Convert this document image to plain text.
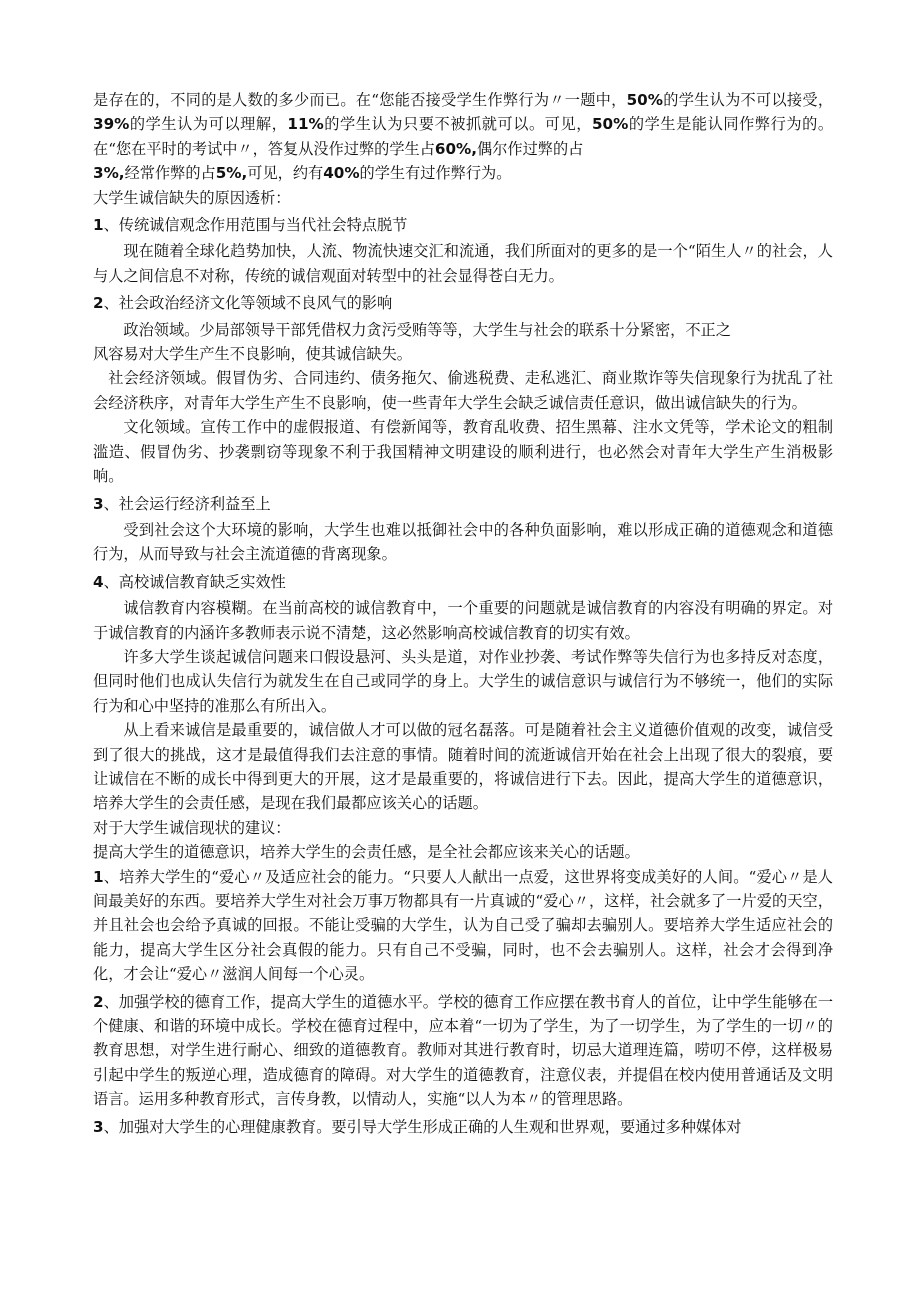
是存在的，不同的是人数的多少而已。在“您能否接受学生作弊行为〃一题中，50%的学生认为不可以接受，39%的学生认为可以理解，11%的学生认为只要不被抓就可以。可见，50%的学生是能认同作弊行为的。在“您在平时的考试中〃，答复从没作过弊的学生占60%,偶尔作过弊的占
3%,经常作弊的占5%,可见，约有40%的学生有过作弊行为。

大学生诚信缺失的原因透析：

1、传统诚信观念作用范围与当代社会特点脱节

现在随着全球化趋势加快，人流、物流快速交汇和流通，我们所面对的更多的是一个“陌生人〃的社会，人与人之间信息不对称，传统的诚信观面对转型中的社会显得苍白无力。

2、社会政治经济文化等领域不良风气的影响

政治领域。少局部领导干部凭借权力贪污受贿等等，大学生与社会的联系十分紧密，不正之

风容易对大学生产生不良影响，使其诚信缺失。

社会经济领域。假冒伪劣、合同违约、债务拖欠、偷逃税费、走私逃汇、商业欺诈等失信现象行为扰乱了社会经济秩序，对青年大学生产生不良影响，使一些青年大学生会缺乏诚信责任意识，做出诚信缺失的行为。

文化领域。宣传工作中的虚假报道、有偿新闻等，教育乱收费、招生黑幕、注水文凭等，学术论文的粗制滥造、假冒伪劣、抄袭剽窃等现象不利于我国精神文明建设的顺利进行，也必然会对青年大学生产生消极影响。

3、社会运行经济利益至上

受到社会这个大环境的影响，大学生也难以抵御社会中的各种负面影响，难以形成正确的道德观念和道德行为，从而导致与社会主流道德的背离现象。

4、高校诚信教育缺乏实效性

诚信教育内容模糊。在当前高校的诚信教育中，一个重要的问题就是诚信教育的内容没有明确的界定。对于诚信教育的内涵许多教师表示说不清楚，这必然影响高校诚信教育的切实有效。

许多大学生谈起诚信问题来口假设悬河、头头是道，对作业抄袭、考试作弊等失信行为也多持反对态度，但同时他们也成认失信行为就发生在自己或同学的身上。大学生的诚信意识与诚信行为不够统一，他们的实际行为和心中坚持的准那么有所出入。

从上看来诚信是最重要的，诚信做人才可以做的冠名磊落。可是随着社会主义道德价值观的改变，诚信受到了很大的挑战，这才是最值得我们去注意的事情。随着时间的流逝诚信开始在社会上出现了很大的裂痕，要让诚信在不断的成长中得到更大的开展，这才是最重要的，将诚信进行下去。因此，提高大学生的道德意识，培养大学生的会责任感，是现在我们最都应该关心的话题。

对于大学生诚信现状的建议：

提高大学生的道德意识，培养大学生的会责任感，是全社会都应该来关心的话题。

1、培养大学生的“爱心〃及适应社会的能力。“只要人人献出一点爱，这世界将变成美好的人间。“爱心〃是人间最美好的东西。要培养大学生对社会万事万物都具有一片真诚的“爱心〃，这样，社会就多了一片爱的天空，并且社会也会给予真诚的回报。不能让受骗的大学生，认为自己受了骗却去骗别人。要培养大学生适应社会的能力，提高大学生区分社会真假的能力。只有自己不受骗，同时，也不会去骗别人。这样，社会才会得到净化，才会让“爱心〃滋润人间每一个心灵。

2、加强学校的德育工作，提高大学生的道德水平。学校的德育工作应摆在教书育人的首位，让中学生能够在一个健康、和谐的环境中成长。学校在德育过程中，应本着“一切为了学生，为了一切学生，为了学生的一切〃的教育思想，对学生进行耐心、细致的道德教育。教师对其进行教育时，切忌大道理连篇，唠叨不停，这样极易引起中学生的叛逆心理，造成德育的障碍。对大学生的道德教育，注意仪表，并提倡在校内使用普通话及文明语言。运用多种教育形式，言传身教，以情动人，实施“以人为本〃的管理思路。

3、加强对大学生的心理健康教育。要引导大学生形成正确的人生观和世界观，要通过多种媒体对
